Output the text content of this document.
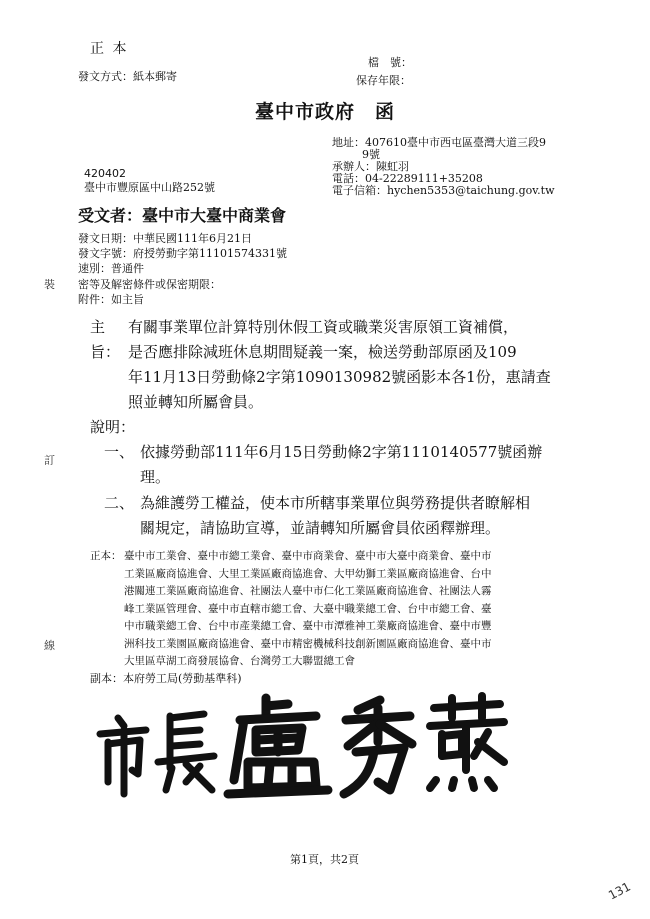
正 本
發文方式：紙本郵寄
檔　號：
保存年限：
臺中市政府　函
地址：407610臺中市西屯區臺灣大道三段9
9號
承辦人：陳虹羽
電話：04-22289111+35208
電子信箱：hychen5353@taichung.gov.tw
420402
臺中市豐原區中山路252號
受文者：臺中市大臺中商業會
發文日期：中華民國111年6月21日
發文字號：府授勞動字第11101574331號
速別：普通件
密等及解密條件或保密期限：
附件：如主旨
主旨：
有關事業單位計算特別休假工資或職業災害原領工資補償，
是否應排除減班休息期間疑義一案，檢送勞動部原函及109
年11月13日勞動條2字第1090130982號函影本各1份，惠請查
照並轉知所屬會員。
說明：
一、 依據勞動部111年6月15日勞動條2字第1110140577號函辦
理。
二、 為維護勞工權益，使本市所轄事業單位與勞務提供者瞭解相
關規定，請協助宣導，並請轉知所屬會員依函釋辦理。
正本： 臺中市工業會、臺中市總工業會、臺中市商業會、臺中市大臺中商業會、臺中市
工業區廠商協進會、大里工業區廠商協進會、大甲幼獅工業區廠商協進會、台中
港關連工業區廠商協進會、社團法人臺中市仁化工業區廠商協進會、社團法人霧
峰工業區管理會、臺中市直轄市總工會、大臺中職業總工會、台中市總工會、臺
中市職業總工會、台中市產業總工會、臺中市潭雅神工業廠商協進會、臺中市豐
洲科技工業園區廠商協進會、臺中市精密機械科技創新園區廠商協進會、臺中市
大里區草湖工商發展協會、台灣勞工大聯盟總工會
副本：本府勞工局(勞動基準科)
第1頁，共2頁
131
裝
訂
線
